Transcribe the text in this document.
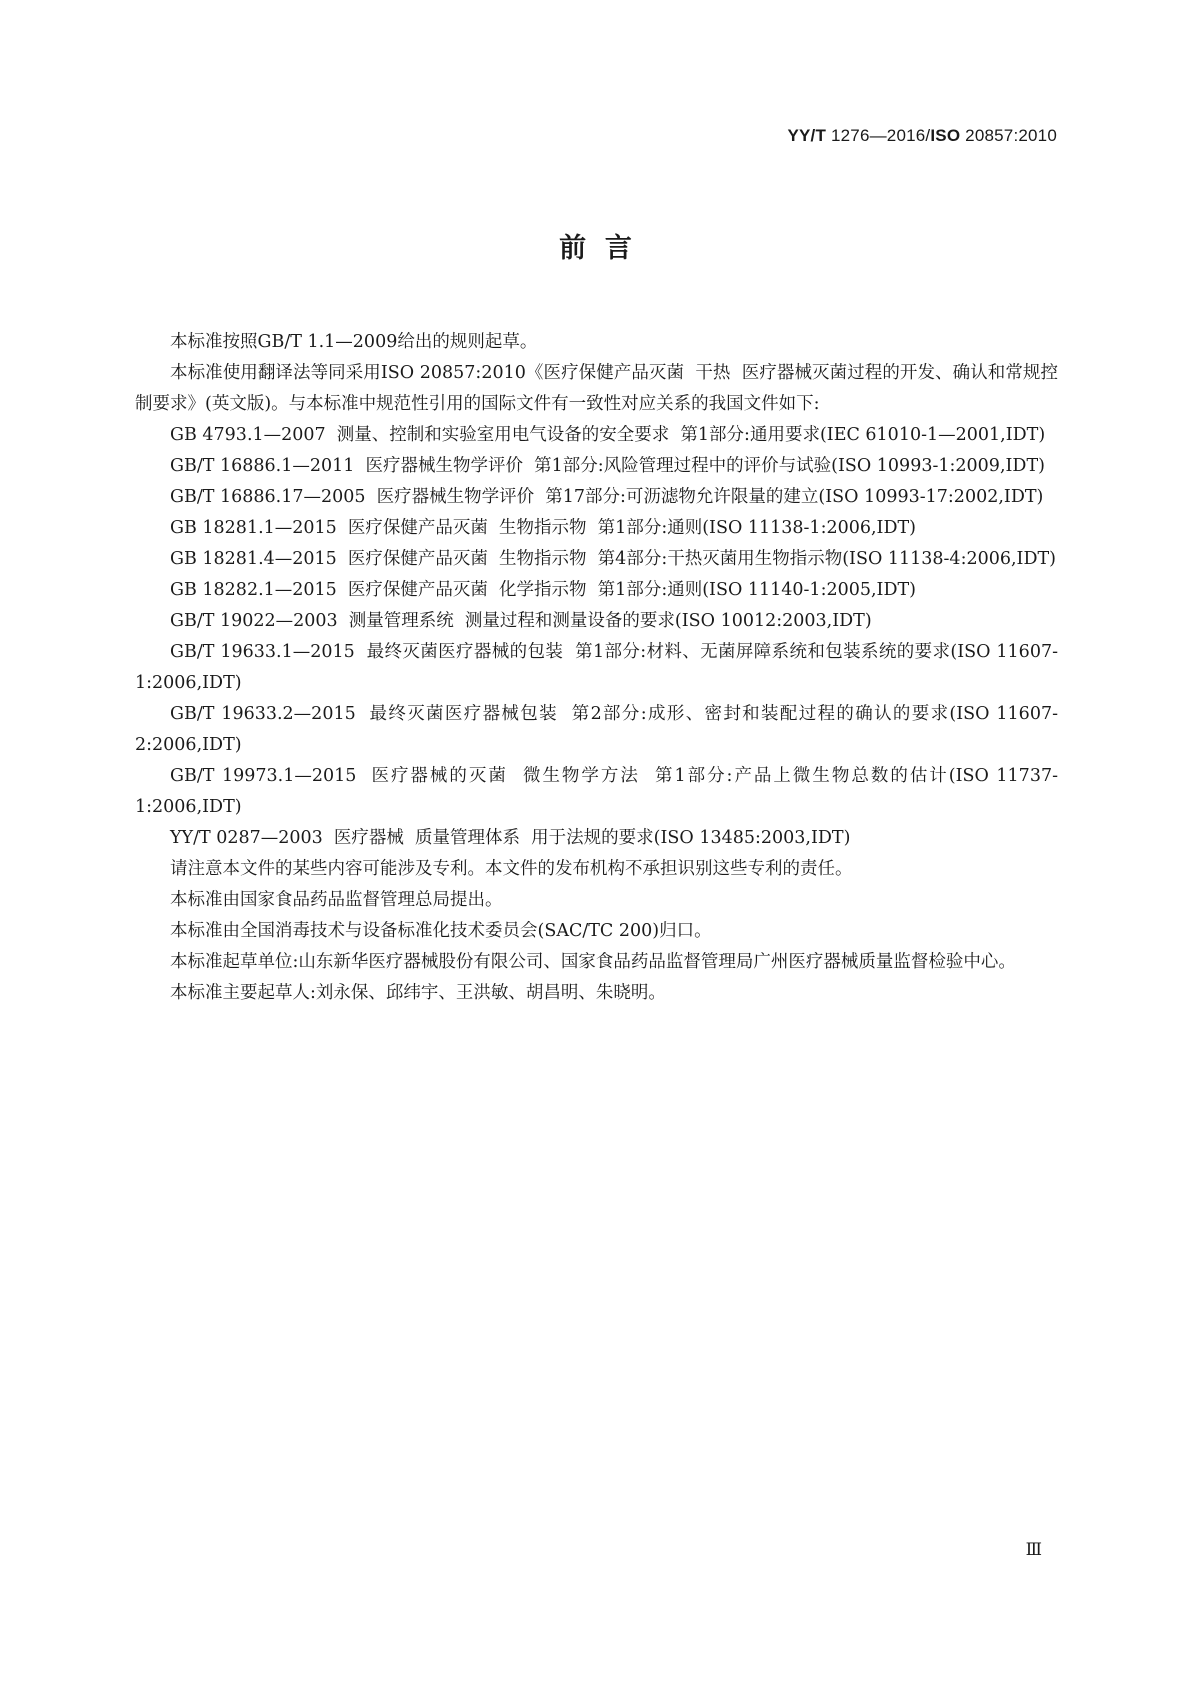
YY/T 1276—2016/ISO 20857:2010
前  言

本标准按照GB/T 1.1—2009给出的规则起草。

本标准使用翻译法等同采用ISO 20857:2010《医疗保健产品灭菌  干热  医疗器械灭菌过程的开发、确认和常规控制要求》(英文版)。与本标准中规范性引用的国际文件有一致性对应关系的我国文件如下:

GB 4793.1—2007  测量、控制和实验室用电气设备的安全要求  第1部分:通用要求(IEC 61010-1—2001,IDT)

GB/T 16886.1—2011  医疗器械生物学评价  第1部分:风险管理过程中的评价与试验(ISO 10993-1:2009,IDT)

GB/T 16886.17—2005  医疗器械生物学评价  第17部分:可沥滤物允许限量的建立(ISO 10993-17:2002,IDT)

GB 18281.1—2015  医疗保健产品灭菌  生物指示物  第1部分:通则(ISO 11138-1:2006,IDT)

GB 18281.4—2015  医疗保健产品灭菌  生物指示物  第4部分:干热灭菌用生物指示物(ISO 11138-4:2006,IDT)

GB 18282.1—2015  医疗保健产品灭菌  化学指示物  第1部分:通则(ISO 11140-1:2005,IDT)

GB/T 19022—2003  测量管理系统  测量过程和测量设备的要求(ISO 10012:2003,IDT)

GB/T 19633.1—2015  最终灭菌医疗器械的包装  第1部分:材料、无菌屏障系统和包装系统的要求(ISO 11607-1:2006,IDT)

GB/T 19633.2—2015  最终灭菌医疗器械包装  第2部分:成形、密封和装配过程的确认的要求(ISO 11607-2:2006,IDT)

GB/T 19973.1—2015  医疗器械的灭菌  微生物学方法  第1部分:产品上微生物总数的估计(ISO 11737-1:2006,IDT)

YY/T 0287—2003  医疗器械  质量管理体系  用于法规的要求(ISO 13485:2003,IDT)

请注意本文件的某些内容可能涉及专利。本文件的发布机构不承担识别这些专利的责任。

本标准由国家食品药品监督管理总局提出。

本标准由全国消毒技术与设备标准化技术委员会(SAC/TC 200)归口。

本标准起草单位:山东新华医疗器械股份有限公司、国家食品药品监督管理局广州医疗器械质量监督检验中心。

本标准主要起草人:刘永保、邱纬宇、王洪敏、胡昌明、朱晓明。

Ⅲ
